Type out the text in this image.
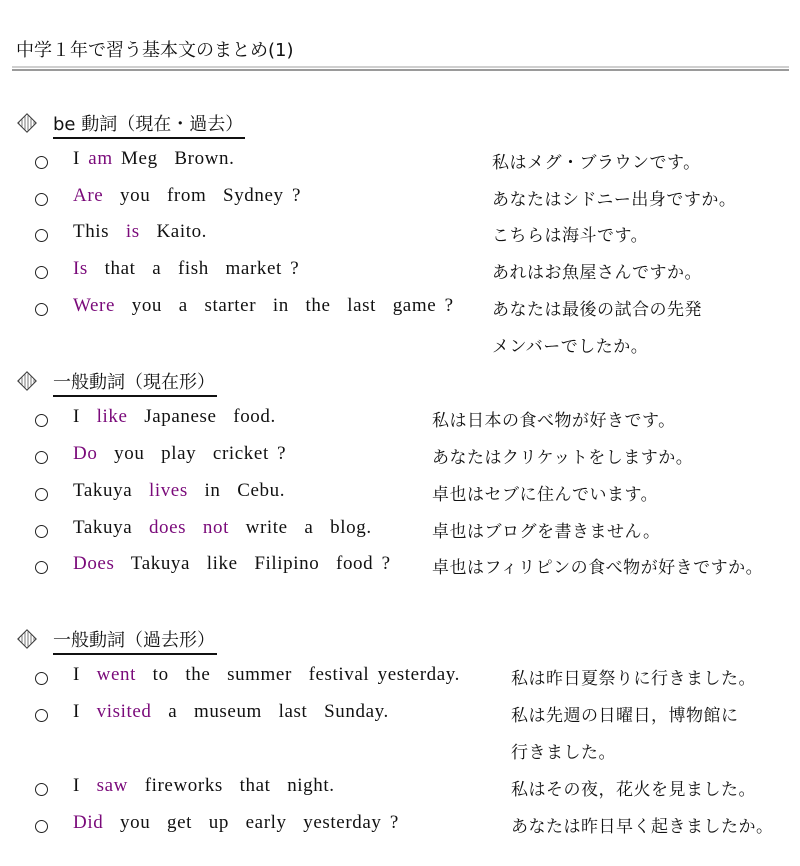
中学１年で習う基本文のまとめ(1)
be 動詞（現在・過去）
I am Meg  Brown.	私はメグ・ブラウンです。
Are  you  from  Sydney ?	あなたはシドニー出身ですか。
This  is  Kaito.	こちらは海斗です。
Is  that  a  fish  market ?	あれはお魚屋さんですか。
Were  you  a  starter  in  the  last  game ? あなたは最後の試合の先発
メンバーでしたか。
一般動詞（現在形）
I  like  Japanese  food.	私は日本の食べ物が好きです。
Do  you  play  cricket ?	あなたはクリケットをしますか。
Takuya  lives  in  Cebu.	卓也はセブに住んでいます。
Takuya  does  not  write  a  blog.	卓也はブログを書きません。
Does  Takuya  like  Filipino  food ? 卓也はフィリピンの食べ物が好きですか。
一般動詞（過去形）
I  went  to  the  summer  festival yesterday.	私は昨日夏祭りに行きました。
I  visited  a  museum  last  Sunday.	私は先週の日曜日，博物館に
行きました。
I  saw  fireworks  that  night.	私はその夜，花火を見ました。
Did  you  get  up  early  yesterday ?	あなたは昨日早く起きましたか。
